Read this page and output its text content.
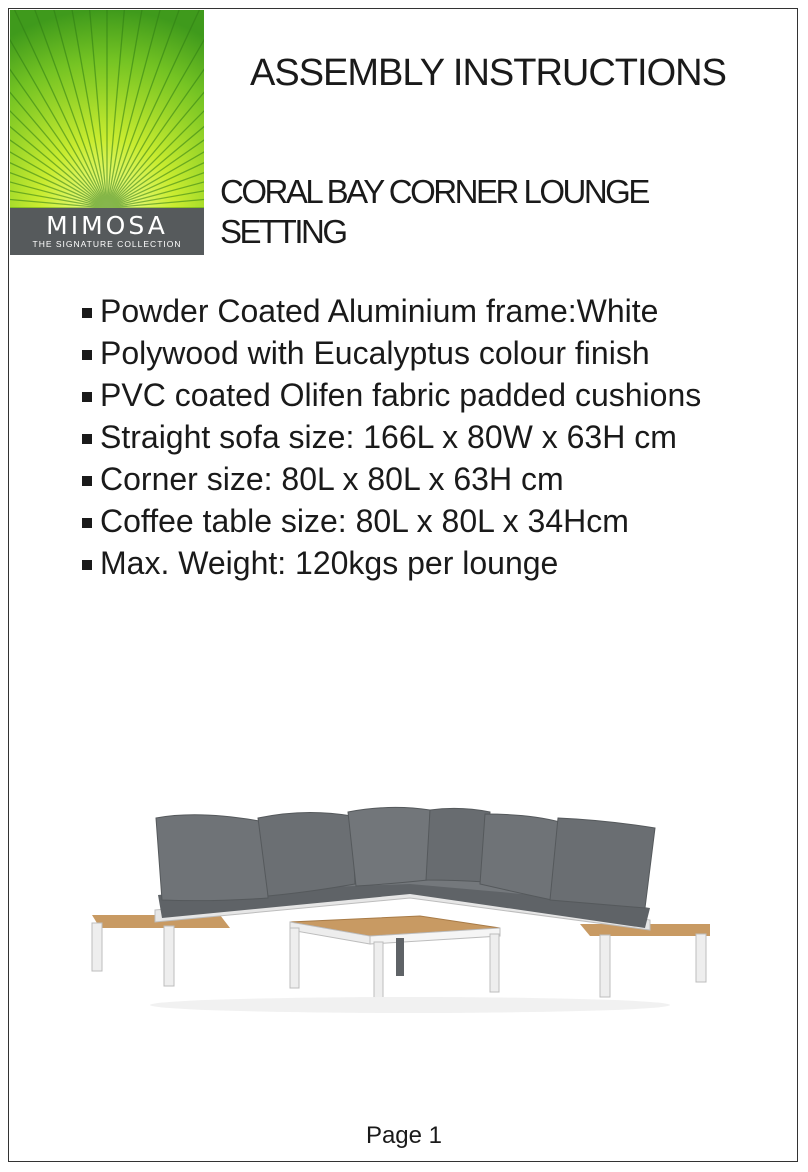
MIMOSA
THE SIGNATURE COLLECTION
ASSEMBLY INSTRUCTIONS
CORAL BAY CORNER LOUNGE SETTING
Powder Coated Aluminium frame:White
Polywood with Eucalyptus colour finish
PVC coated Olifen fabric padded cushions
Straight sofa size: 166L x 80W x 63H cm
Corner size: 80L x 80L x 63H cm
Coffee table size: 80L x 80L x 34Hcm
Max. Weight: 120kgs per lounge
Page 1
